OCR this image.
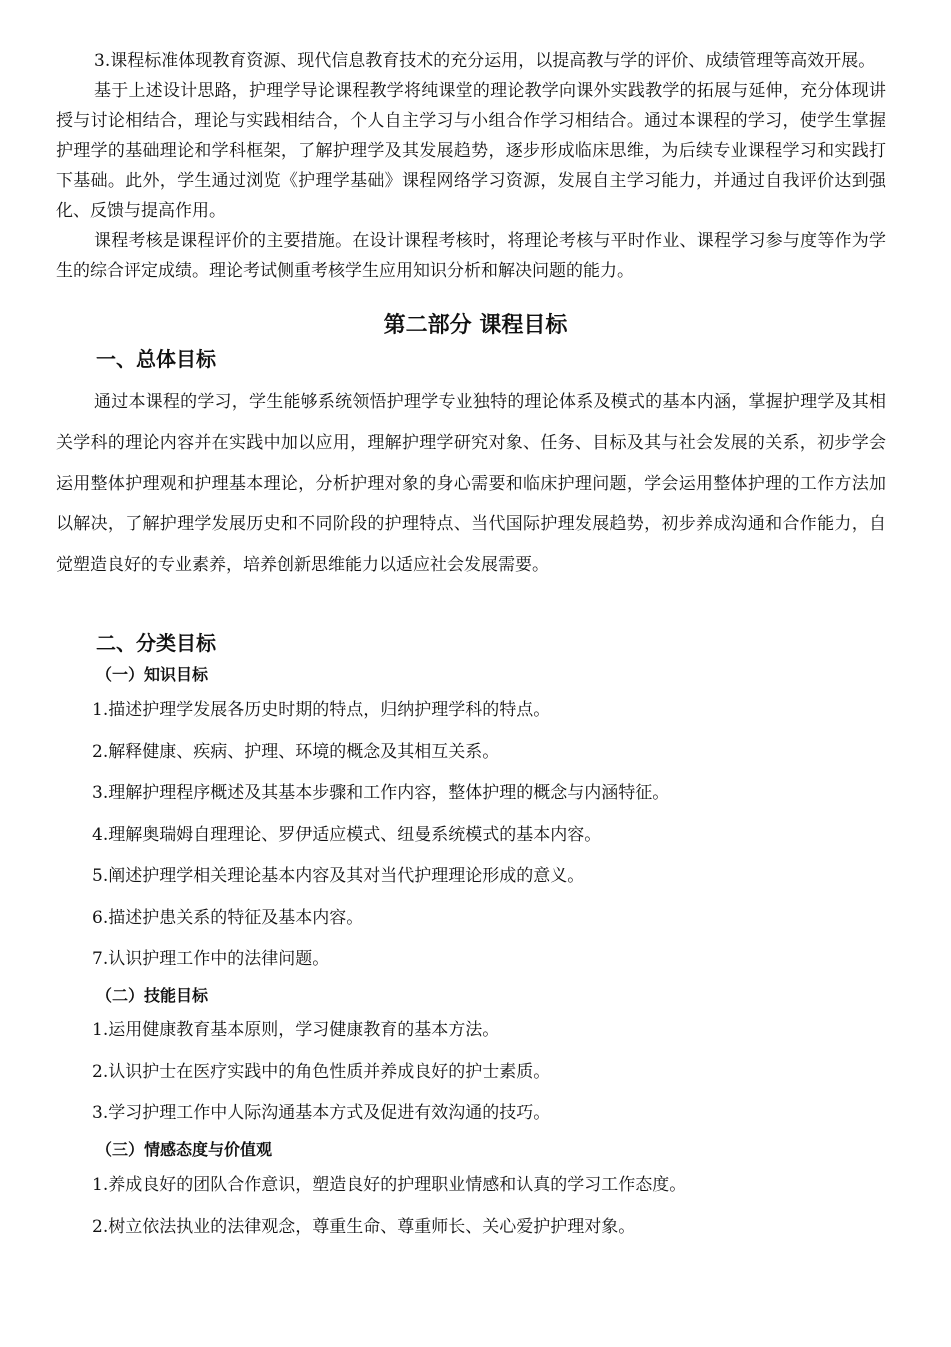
3.课程标准体现教育资源、现代信息教育技术的充分运用，以提高教与学的评价、成绩管理等高效开展。

基于上述设计思路，护理学导论课程教学将纯课堂的理论教学向课外实践教学的拓展与延伸，充分体现讲授与讨论相结合，理论与实践相结合，个人自主学习与小组合作学习相结合。通过本课程的学习，使学生掌握护理学的基础理论和学科框架，了解护理学及其发展趋势，逐步形成临床思维，为后续专业课程学习和实践打下基础。此外，学生通过浏览《护理学基础》课程网络学习资源，发展自主学习能力，并通过自我评价达到强化、反馈与提高作用。

课程考核是课程评价的主要措施。在设计课程考核时，将理论考核与平时作业、课程学习参与度等作为学生的综合评定成绩。理论考试侧重考核学生应用知识分析和解决问题的能力。

第二部分 课程目标
一、总体目标

通过本课程的学习，学生能够系统领悟护理学专业独特的理论体系及模式的基本内涵，掌握护理学及其相关学科的理论内容并在实践中加以应用，理解护理学研究对象、任务、目标及其与社会发展的关系，初步学会运用整体护理观和护理基本理论，分析护理对象的身心需要和临床护理问题，学会运用整体护理的工作方法加以解决，了解护理学发展历史和不同阶段的护理特点、当代国际护理发展趋势，初步养成沟通和合作能力，自觉塑造良好的专业素养，培养创新思维能力以适应社会发展需要。

二、分类目标
（一）知识目标
1.描述护理学发展各历史时期的特点，归纳护理学科的特点。
2.解释健康、疾病、护理、环境的概念及其相互关系。
3.理解护理程序概述及其基本步骤和工作内容，整体护理的概念与内涵特征。
4.理解奥瑞姆自理理论、罗伊适应模式、纽曼系统模式的基本内容。
5.阐述护理学相关理论基本内容及其对当代护理理论形成的意义。
6.描述护患关系的特征及基本内容。
7.认识护理工作中的法律问题。
（二）技能目标
1.运用健康教育基本原则，学习健康教育的基本方法。
2.认识护士在医疗实践中的角色性质并养成良好的护士素质。
3.学习护理工作中人际沟通基本方式及促进有效沟通的技巧。
（三）情感态度与价值观
1.养成良好的团队合作意识，塑造良好的护理职业情感和认真的学习工作态度。
2.树立依法执业的法律观念，尊重生命、尊重师长、关心爱护护理对象。
